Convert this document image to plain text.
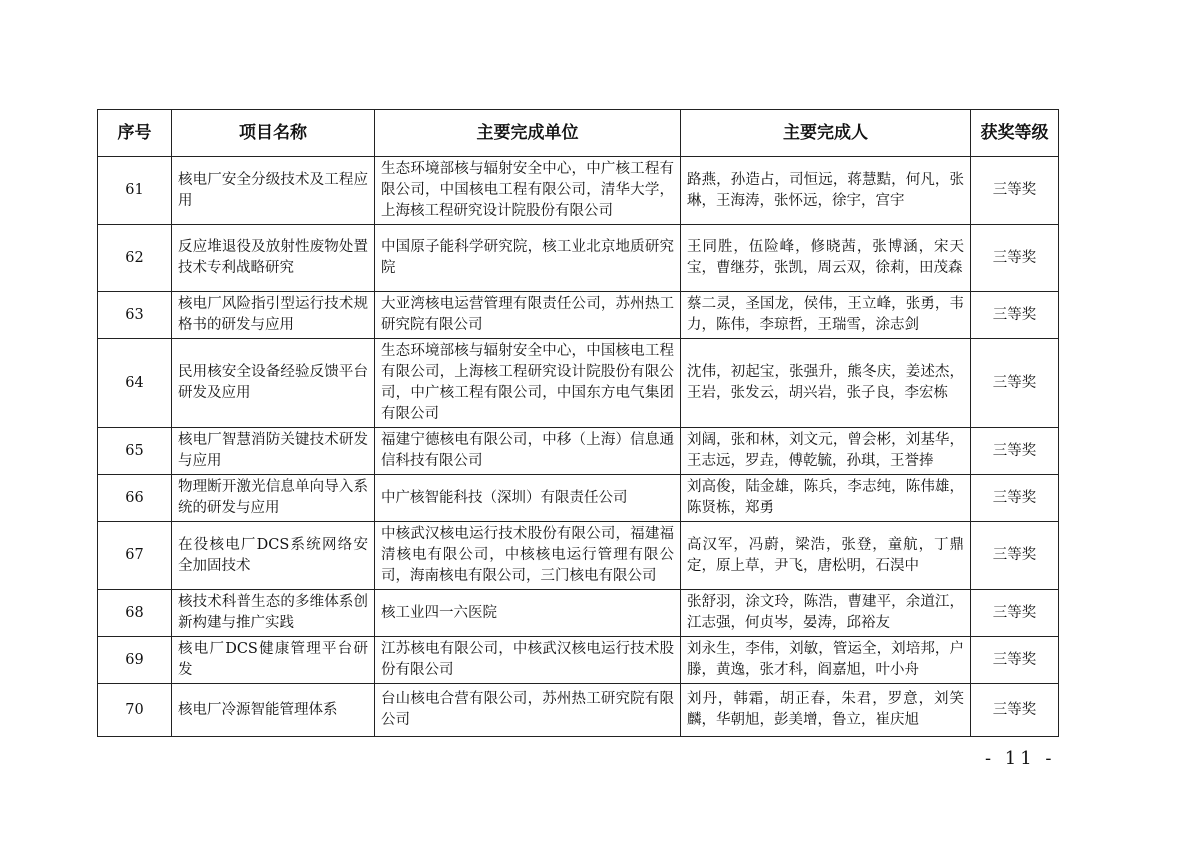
序号	项目名称	主要完成单位	主要完成人	获奖等级
61	核电厂安全分级技术及工程应用	生态环境部核与辐射安全中心，中广核工程有限公司，中国核电工程有限公司，清华大学，上海核工程研究设计院股份有限公司	路燕，孙造占，司恒远，蒋慧黠，何凡，张琳，王海涛，张怀远，徐宇，宫宇	三等奖
62	反应堆退役及放射性废物处置技术专利战略研究	中国原子能科学研究院，核工业北京地质研究院	王同胜，伍险峰，修晓茜，张博涵，宋天宝，曹继芬，张凯，周云双，徐莉，田茂森	三等奖
63	核电厂风险指引型运行技术规格书的研发与应用	大亚湾核电运营管理有限责任公司，苏州热工研究院有限公司	蔡二灵，圣国龙，侯伟，王立峰，张勇，韦力，陈伟，李琼哲，王瑞雪，涂志剑	三等奖
64	民用核安全设备经验反馈平台研发及应用	生态环境部核与辐射安全中心，中国核电工程有限公司，上海核工程研究设计院股份有限公司，中广核工程有限公司，中国东方电气集团有限公司	沈伟，初起宝，张强升，熊冬庆，姜述杰，王岩，张发云，胡兴岩，张子良，李宏栋	三等奖
65	核电厂智慧消防关键技术研发与应用	福建宁德核电有限公司，中移（上海）信息通信科技有限公司	刘阔，张和林，刘文元，曾会彬，刘基华，王志远，罗垚，傅乾毓，孙琪，王誉捧	三等奖
66	物理断开激光信息单向导入系统的研发与应用	中广核智能科技（深圳）有限责任公司	刘高俊，陆金雄，陈兵，李志纯，陈伟雄，陈贤栋，郑勇	三等奖
67	在役核电厂DCS系统网络安全加固技术	中核武汉核电运行技术股份有限公司，福建福清核电有限公司，中核核电运行管理有限公司，海南核电有限公司，三门核电有限公司	高汉军，冯蔚，梁浩，张登，童航，丁鼎定，原上草，尹飞，唐松明，石淏中	三等奖
68	核技术科普生态的多维体系创新构建与推广实践	核工业四一六医院	张舒羽，涂文玲，陈浩，曹建平，余道江，江志强，何贞岑，晏涛，邱裕友	三等奖
69	核电厂DCS健康管理平台研发	江苏核电有限公司，中核武汉核电运行技术股份有限公司	刘永生，李伟，刘敏，管运全，刘培邦，户滕，黄逸，张才科，阎嘉旭，叶小舟	三等奖
70	核电厂冷源智能管理体系	台山核电合营有限公司，苏州热工研究院有限公司	刘丹，韩霜，胡正春，朱君，罗意，刘笑麟，华朝旭，彭美增，鲁立，崔庆旭	三等奖
- 11 -
